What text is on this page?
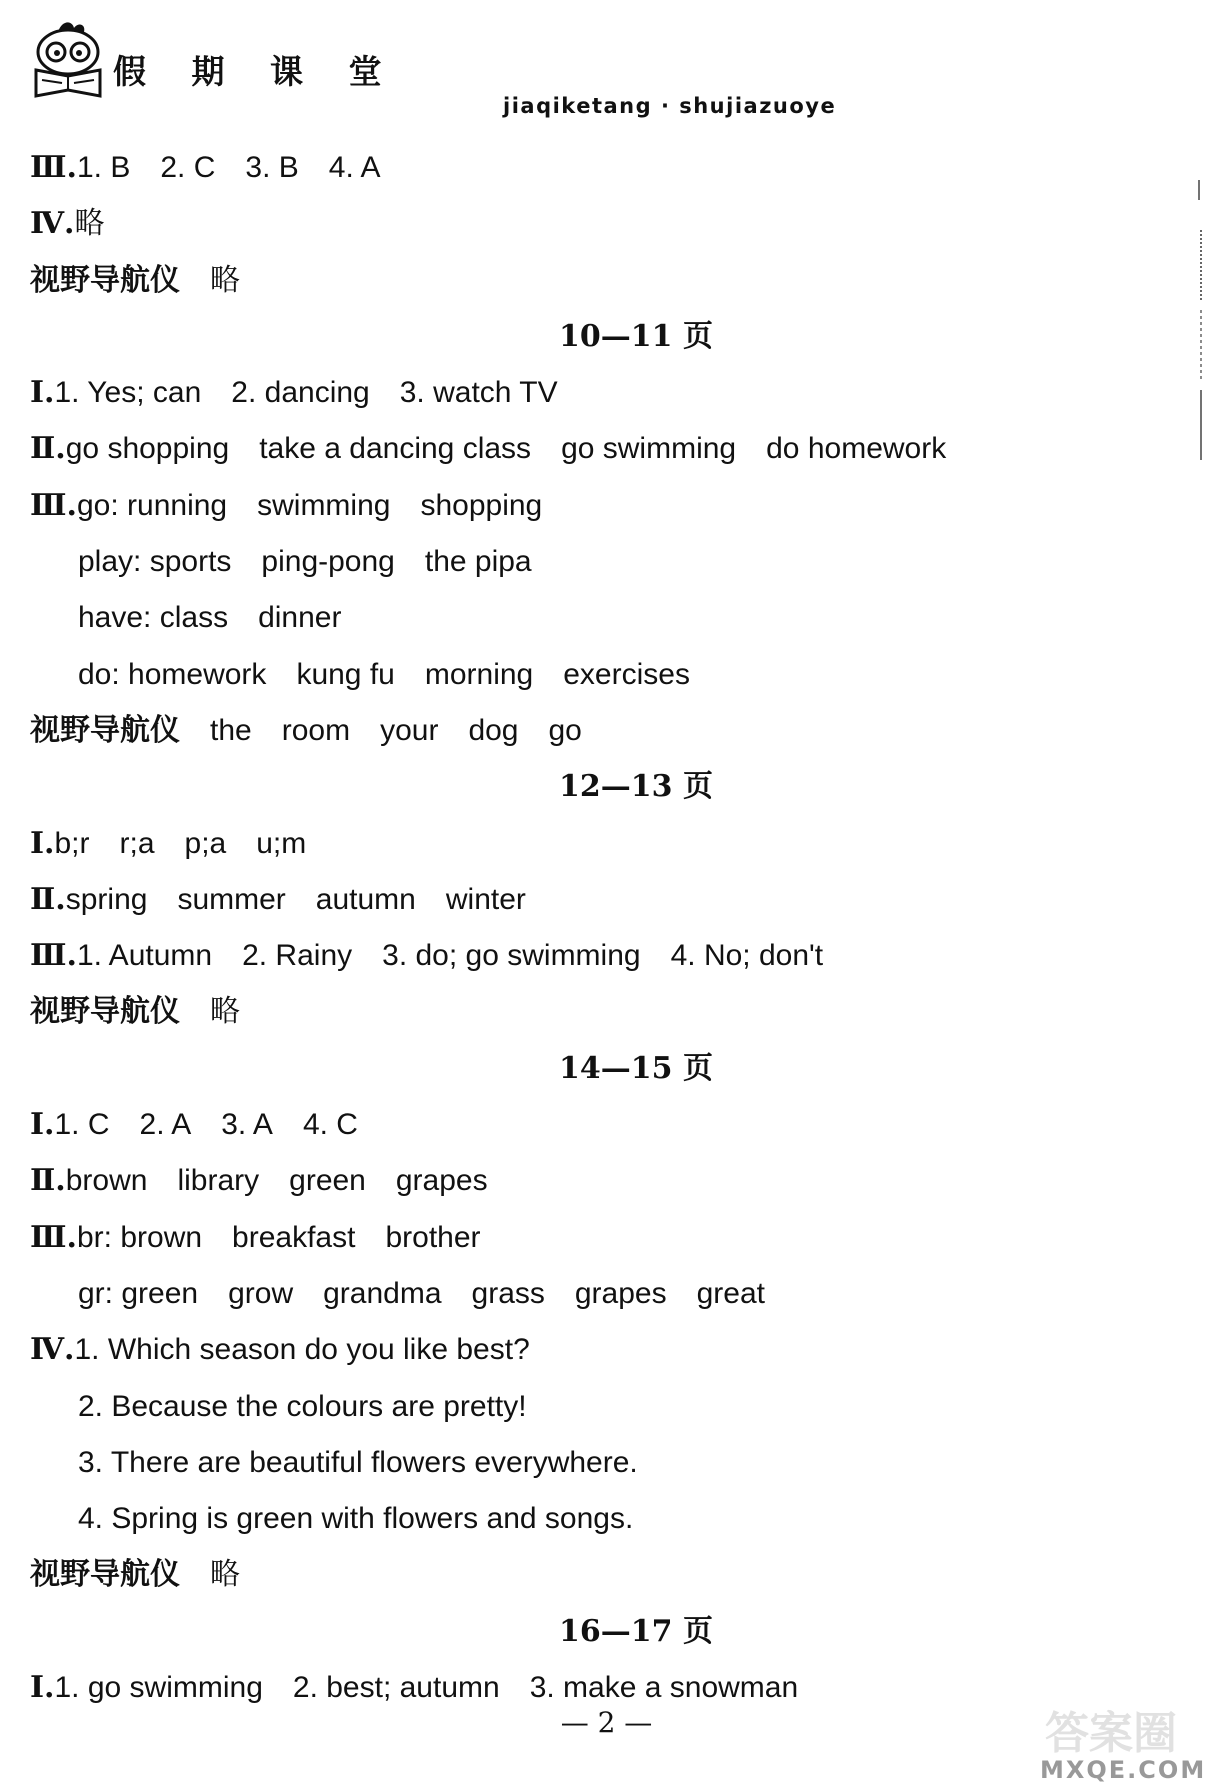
假 期 课 堂
jiaqiketang · shujiazuoye
Ⅲ.1. B 2. C 3. B 4. A
Ⅳ.略
视野导航仪 略
10—11 页
Ⅰ.1. Yes; can 2. dancing 3. watch TV
Ⅱ.go shopping take a dancing class go swimming do homework
Ⅲ.go: running swimming shopping
play: sports ping-pong the pipa
have: class dinner
do: homework kung fu morning exercises
视野导航仪 the room your dog go
12—13 页
Ⅰ.b;r r;a p;a u;m
Ⅱ.spring summer autumn winter
Ⅲ.1. Autumn 2. Rainy 3. do; go swimming 4. No; don't
视野导航仪 略
14—15 页
Ⅰ.1. C 2. A 3. A 4. C
Ⅱ.brown library green grapes
Ⅲ.br: brown breakfast brother
gr: green grow grandma grass grapes great
Ⅳ.1. Which season do you like best?
2. Because the colours are pretty!
3. There are beautiful flowers everywhere.
4. Spring is green with flowers and songs.
视野导航仪 略
16—17 页
Ⅰ.1. go swimming 2. best; autumn 3. make a snowman
— 2 —	答案圈
MXQE.COM
